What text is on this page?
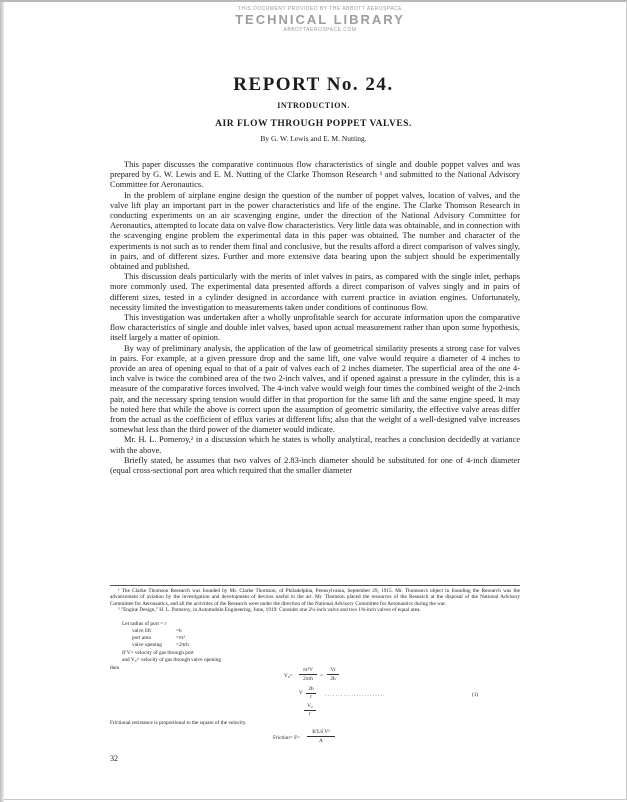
THIS DOCUMENT PROVIDED BY THE ABBOTT AEROSPACE
TECHNICAL LIBRARY
ABBOTTAEROSPACE.COM
REPORT No. 24.
INTRODUCTION.
AIR FLOW THROUGH POPPET VALVES.
By G. W. Lewis and E. M. Nutting.

This paper discusses the comparative continuous flow characteristics of single and double poppet valves and was prepared by G. W. Lewis and E. M. Nutting of the Clarke Thomson Research ¹ and submitted to the National Advisory Committee for Aeronautics.

In the problem of airplane engine design the question of the number of poppet valves, location of valves, and the valve lift play an important part in the power characteristics and life of the engine. The Clarke Thomson Research in conducting experiments on an air scavenging engine, under the direction of the National Advisory Committee for Aeronautics, attempted to locate data on valve flow characteristics. Very little data was obtainable, and in connection with the scavenging engine problem the experimental data in this paper was obtained. The number and character of the experiments is not such as to render them final and conclusive, but the results afford a direct comparison of valves singly, in pairs, and of different sizes. Further and more extensive data bearing upon the subject should be experimentally obtained and published.

This discussion deals particularly with the merits of inlet valves in pairs, as compared with the single inlet, perhaps more commonly used. The experimental data presented affords a direct comparison of valves singly and in pairs of different sizes, tested in a cylinder designed in accordance with current practice in aviation engines. Unfortunately, necessity limited the investigation to measurements taken under conditions of continuous flow.

This investigation was undertaken after a wholly unprofitable search for accurate information upon the comparative flow characteristics of single and double inlet valves, based upon actual measurement rather than upon some hypothesis, itself largely a matter of opinion.

By way of preliminary analysis, the application of the law of geometrical similarity presents a strong case for valves in pairs. For example, at a given pressure drop and the same lift, one valve would require a diameter of 4 inches to provide an area of opening equal to that of a pair of valves each of 2 inches diameter. The superficial area of the one 4-inch valve is twice the combined area of the two 2-inch valves, and if opened against a pressure in the cylinder, this is a measure of the comparative forces involved. The 4-inch valve would weigh four times the combined weight of the 2-inch pair, and the necessary spring tension would differ in that proportion for the same lift and the same engine speed. It may be noted here that while the above is correct upon the assumption of geometric similarity, the effective valve areas differ from the actual as the coefficient of efflux varies at different lifts; also that the weight of a well-designed valve increases somewhat less than the third power of the diameter would indicate.

Mr. H. L. Pomeroy,² in a discussion which he states is wholly analytical, reaches a conclusion decidedly at variance with the above.

Briefly stated, he assumes that two valves of 2.83-inch diameter should be substituted for one of 4-inch diameter (equal cross-sectional port area which required that the smaller diameter

¹ The Clarke Thomson Research was founded by Mr. Clarke Thomson, of Philadelphia, Pennsylvania, September 29, 1915. Mr. Thomson's object in founding the Research was the advancement of aviation by the investigation and development of devices useful to the art. Mr. Thomson placed the resources of the Research at the disposal of the National Advisory Committee for Aeronautics, and all the activities of the Research were under the direction of the National Advisory Committee for Aeronautics during the war.

² "Engine Design," H. L. Pomeroy, in Automobile Engineering, June, 1919: Consider one 2¼-inch valve and two 1⅝-inch valves of equal area.

Let radius of port = r
valve lift	=h
port area	=πr²
valve opening	=2πrh
If V= velocity of gas through port
and V₀= velocity of gas through valve opening
then
V₀=
πr²V
2πrh	=
Vr
2h
V
2h
r
V₀
r
. . . . . . . . . . . . . . . . . . . . . . .	(1)
Frictional resistance is proportional to the square of the velocity.
Friction= F=
K'LS V²
A
32
